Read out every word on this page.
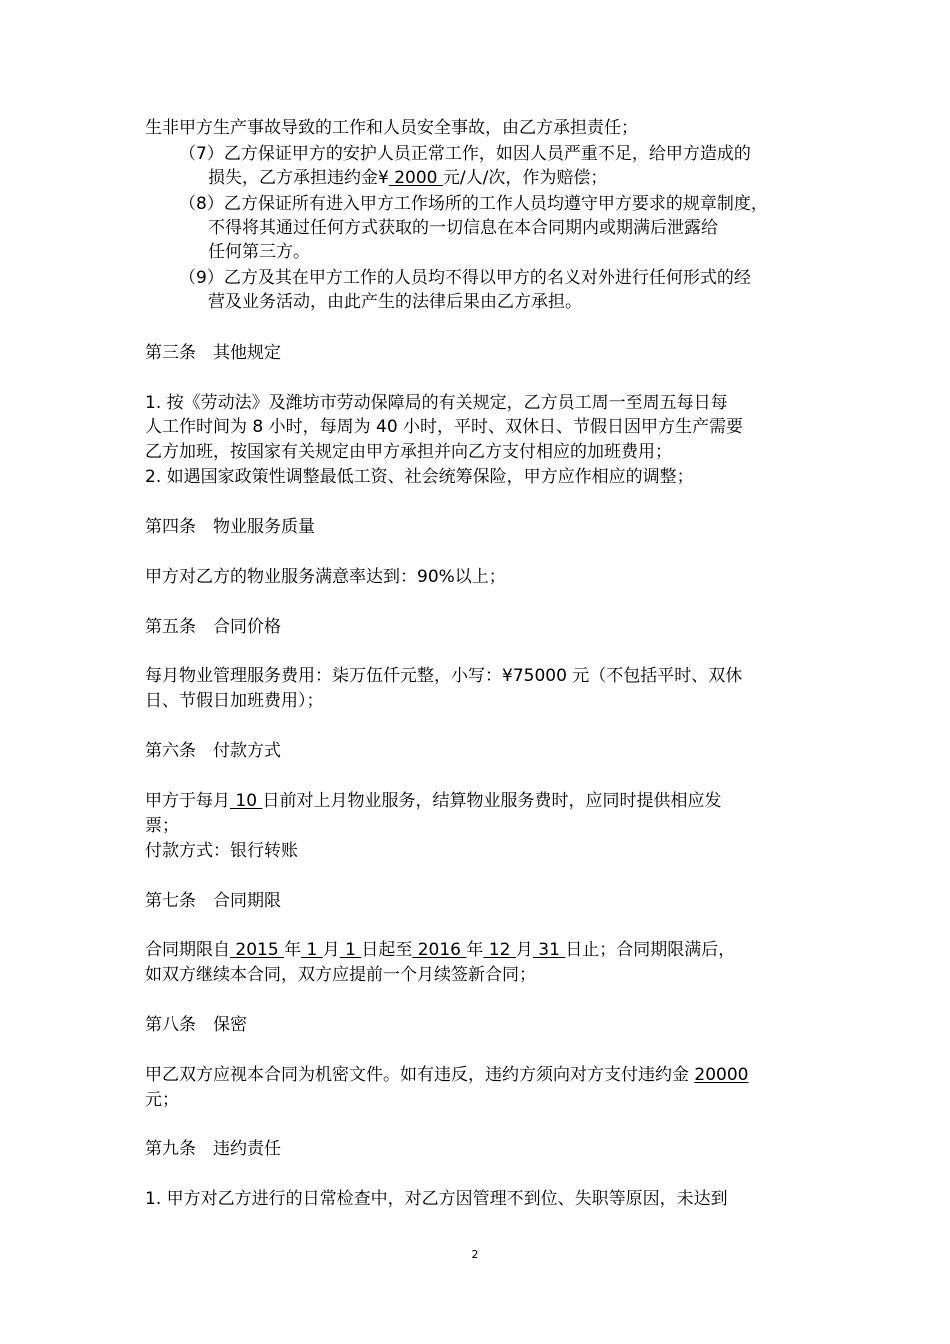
生非甲方生产事故导致的工作和人员安全事故，由乙方承担责任；
（7）乙方保证甲方的安护人员正常工作，如因人员严重不足，给甲方造成的
损失，乙方承担违约金¥ 2000 元/人/次，作为赔偿；
（8）乙方保证所有进入甲方工作场所的工作人员均遵守甲方要求的规章制度，
不得将其通过任何方式获取的一切信息在本合同期内或期满后泄露给
任何第三方。
（9）乙方及其在甲方工作的人员均不得以甲方的名义对外进行任何形式的经
营及业务活动，由此产生的法律后果由乙方承担。
第三条　其他规定
1. 按《劳动法》及潍坊市劳动保障局的有关规定，乙方员工周一至周五每日每
人工作时间为 8 小时，每周为 40 小时，平时、双休日、节假日因甲方生产需要
乙方加班，按国家有关规定由甲方承担并向乙方支付相应的加班费用；
2. 如遇国家政策性调整最低工资、社会统筹保险，甲方应作相应的调整；
第四条　物业服务质量
甲方对乙方的物业服务满意率达到：90%以上；
第五条　合同价格
每月物业管理服务费用：柒万伍仟元整，小写：¥75000 元（不包括平时、双休
日、节假日加班费用）；
第六条　付款方式
甲方于每月 10 日前对上月物业服务，结算物业服务费时，应同时提供相应发
票；
付款方式：银行转账
第七条　合同期限
合同期限自 2015 年 1 月 1 日起至 2016 年 12 月 31 日止；合同期限满后，
如双方继续本合同，双方应提前一个月续签新合同；
第八条　保密
甲乙双方应视本合同为机密文件。如有违反，违约方须向对方支付违约金 20000
元；
第九条　违约责任
1. 甲方对乙方进行的日常检查中，对乙方因管理不到位、失职等原因，未达到
2
